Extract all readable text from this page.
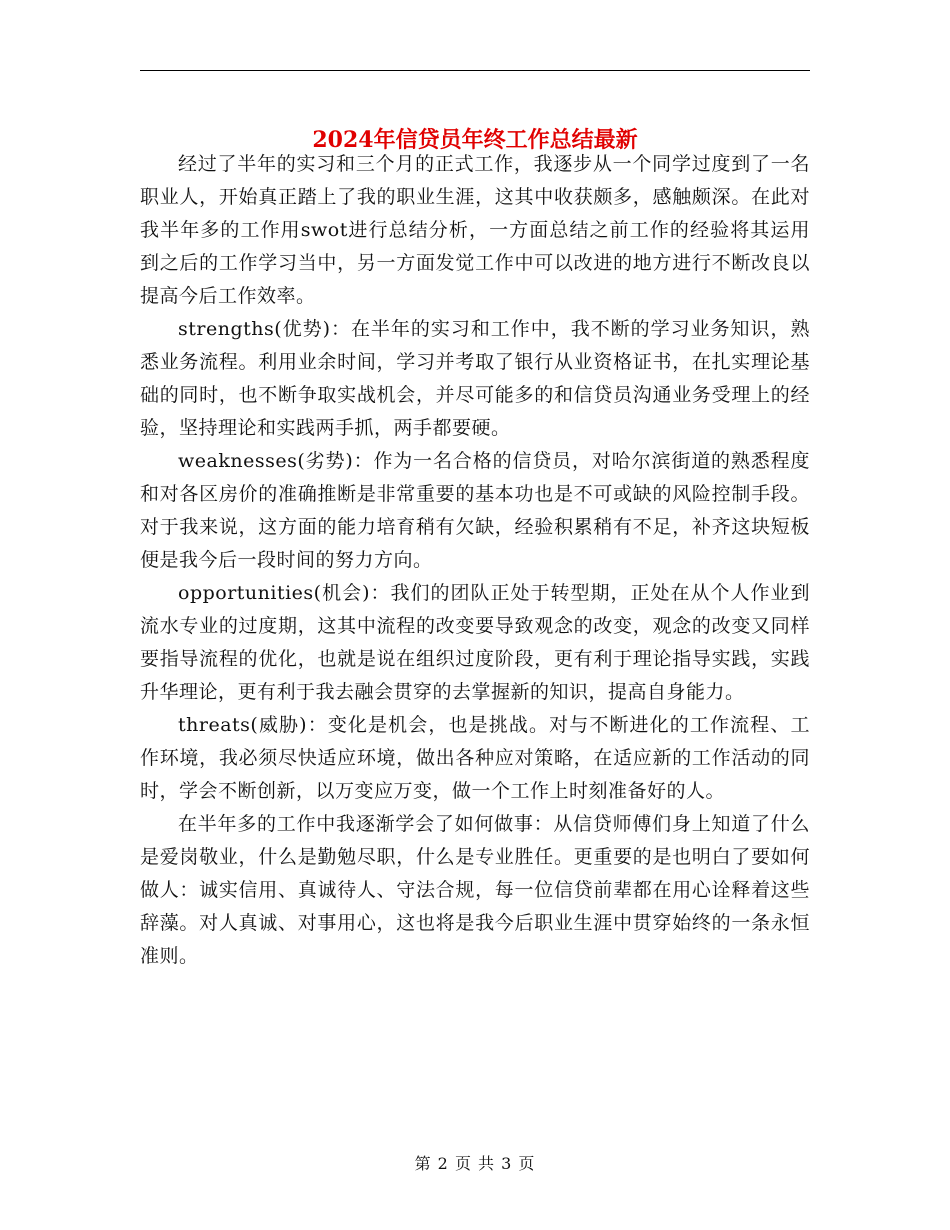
2024年信贷员年终工作总结最新

经过了半年的实习和三个月的正式工作，我逐步从一个同学过度到了一名职业人，开始真正踏上了我的职业生涯，这其中收获颇多，感触颇深。在此对我半年多的工作用swot进行总结分析，一方面总结之前工作的经验将其运用到之后的工作学习当中，另一方面发觉工作中可以改进的地方进行不断改良以提高今后工作效率。

strengths(优势)：在半年的实习和工作中，我不断的学习业务知识，熟悉业务流程。利用业余时间，学习并考取了银行从业资格证书，在扎实理论基础的同时，也不断争取实战机会，并尽可能多的和信贷员沟通业务受理上的经验，坚持理论和实践两手抓，两手都要硬。

weaknesses(劣势)：作为一名合格的信贷员，对哈尔滨街道的熟悉程度和对各区房价的准确推断是非常重要的基本功也是不可或缺的风险控制手段。对于我来说，这方面的能力培育稍有欠缺，经验积累稍有不足，补齐这块短板便是我今后一段时间的努力方向。

opportunities(机会)：我们的团队正处于转型期，正处在从个人作业到流水专业的过度期，这其中流程的改变要导致观念的改变，观念的改变又同样要指导流程的优化，也就是说在组织过度阶段，更有利于理论指导实践，实践升华理论，更有利于我去融会贯穿的去掌握新的知识，提高自身能力。

threats(威胁)：变化是机会，也是挑战。对与不断进化的工作流程、工作环境，我必须尽快适应环境，做出各种应对策略，在适应新的工作活动的同时，学会不断创新，以万变应万变，做一个工作上时刻准备好的人。

在半年多的工作中我逐渐学会了如何做事：从信贷师傅们身上知道了什么是爱岗敬业，什么是勤勉尽职，什么是专业胜任。更重要的是也明白了要如何做人：诚实信用、真诚待人、守法合规，每一位信贷前辈都在用心诠释着这些辞藻。对人真诚、对事用心，这也将是我今后职业生涯中贯穿始终的一条永恒准则。

第 2 页 共 3 页
